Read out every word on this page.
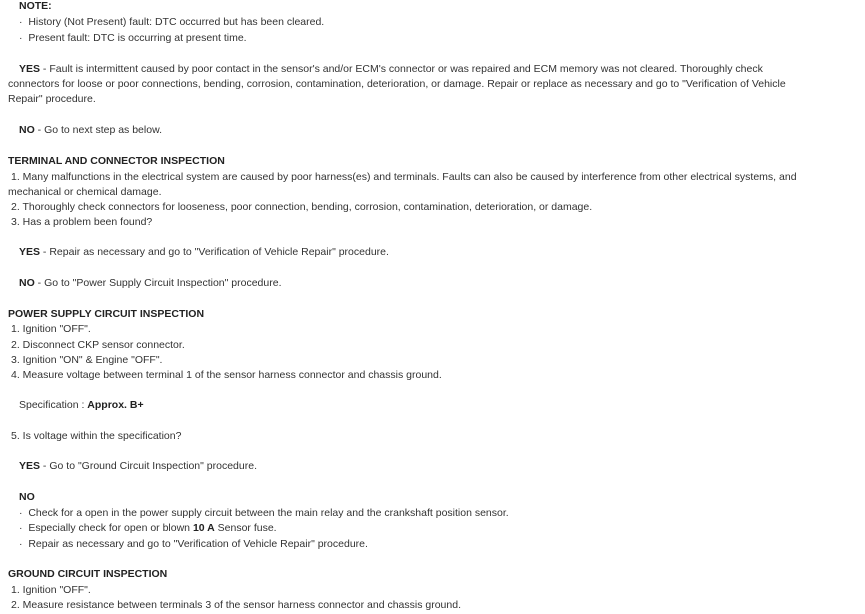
NOTE:
·  History (Not Present) fault: DTC occurred but has been cleared.
·  Present fault: DTC is occurring at present time.
YES - Fault is intermittent caused by poor contact in the sensor's and/or ECM's connector or was repaired and ECM memory was not cleared. Thoroughly check
connectors for loose or poor connections, bending, corrosion, contamination, deterioration, or damage. Repair or replace as necessary and go to "Verification of Vehicle
Repair" procedure.
NO - Go to next step as below.
TERMINAL AND CONNECTOR INSPECTION
1. Many malfunctions in the electrical system are caused by poor harness(es) and terminals. Faults can also be caused by interference from other electrical systems, and
mechanical or chemical damage.
2. Thoroughly check connectors for looseness, poor connection, bending, corrosion, contamination, deterioration, or damage.
3. Has a problem been found?
YES - Repair as necessary and go to "Verification of Vehicle Repair" procedure.
NO - Go to "Power Supply Circuit Inspection" procedure.
POWER SUPPLY CIRCUIT INSPECTION
1. Ignition "OFF".
2. Disconnect CKP sensor connector.
3. Ignition "ON" & Engine "OFF".
4. Measure voltage between terminal 1 of the sensor harness connector and chassis ground.
Specification : Approx. B+
5. Is voltage within the specification?
YES - Go to "Ground Circuit Inspection" procedure.
NO
·  Check for a open in the power supply circuit between the main relay and the crankshaft position sensor.
·  Especially check for open or blown 10 A Sensor fuse.
·  Repair as necessary and go to "Verification of Vehicle Repair" procedure.
GROUND CIRCUIT INSPECTION
1. Ignition "OFF".
2. Measure resistance between terminals 3 of the sensor harness connector and chassis ground.
